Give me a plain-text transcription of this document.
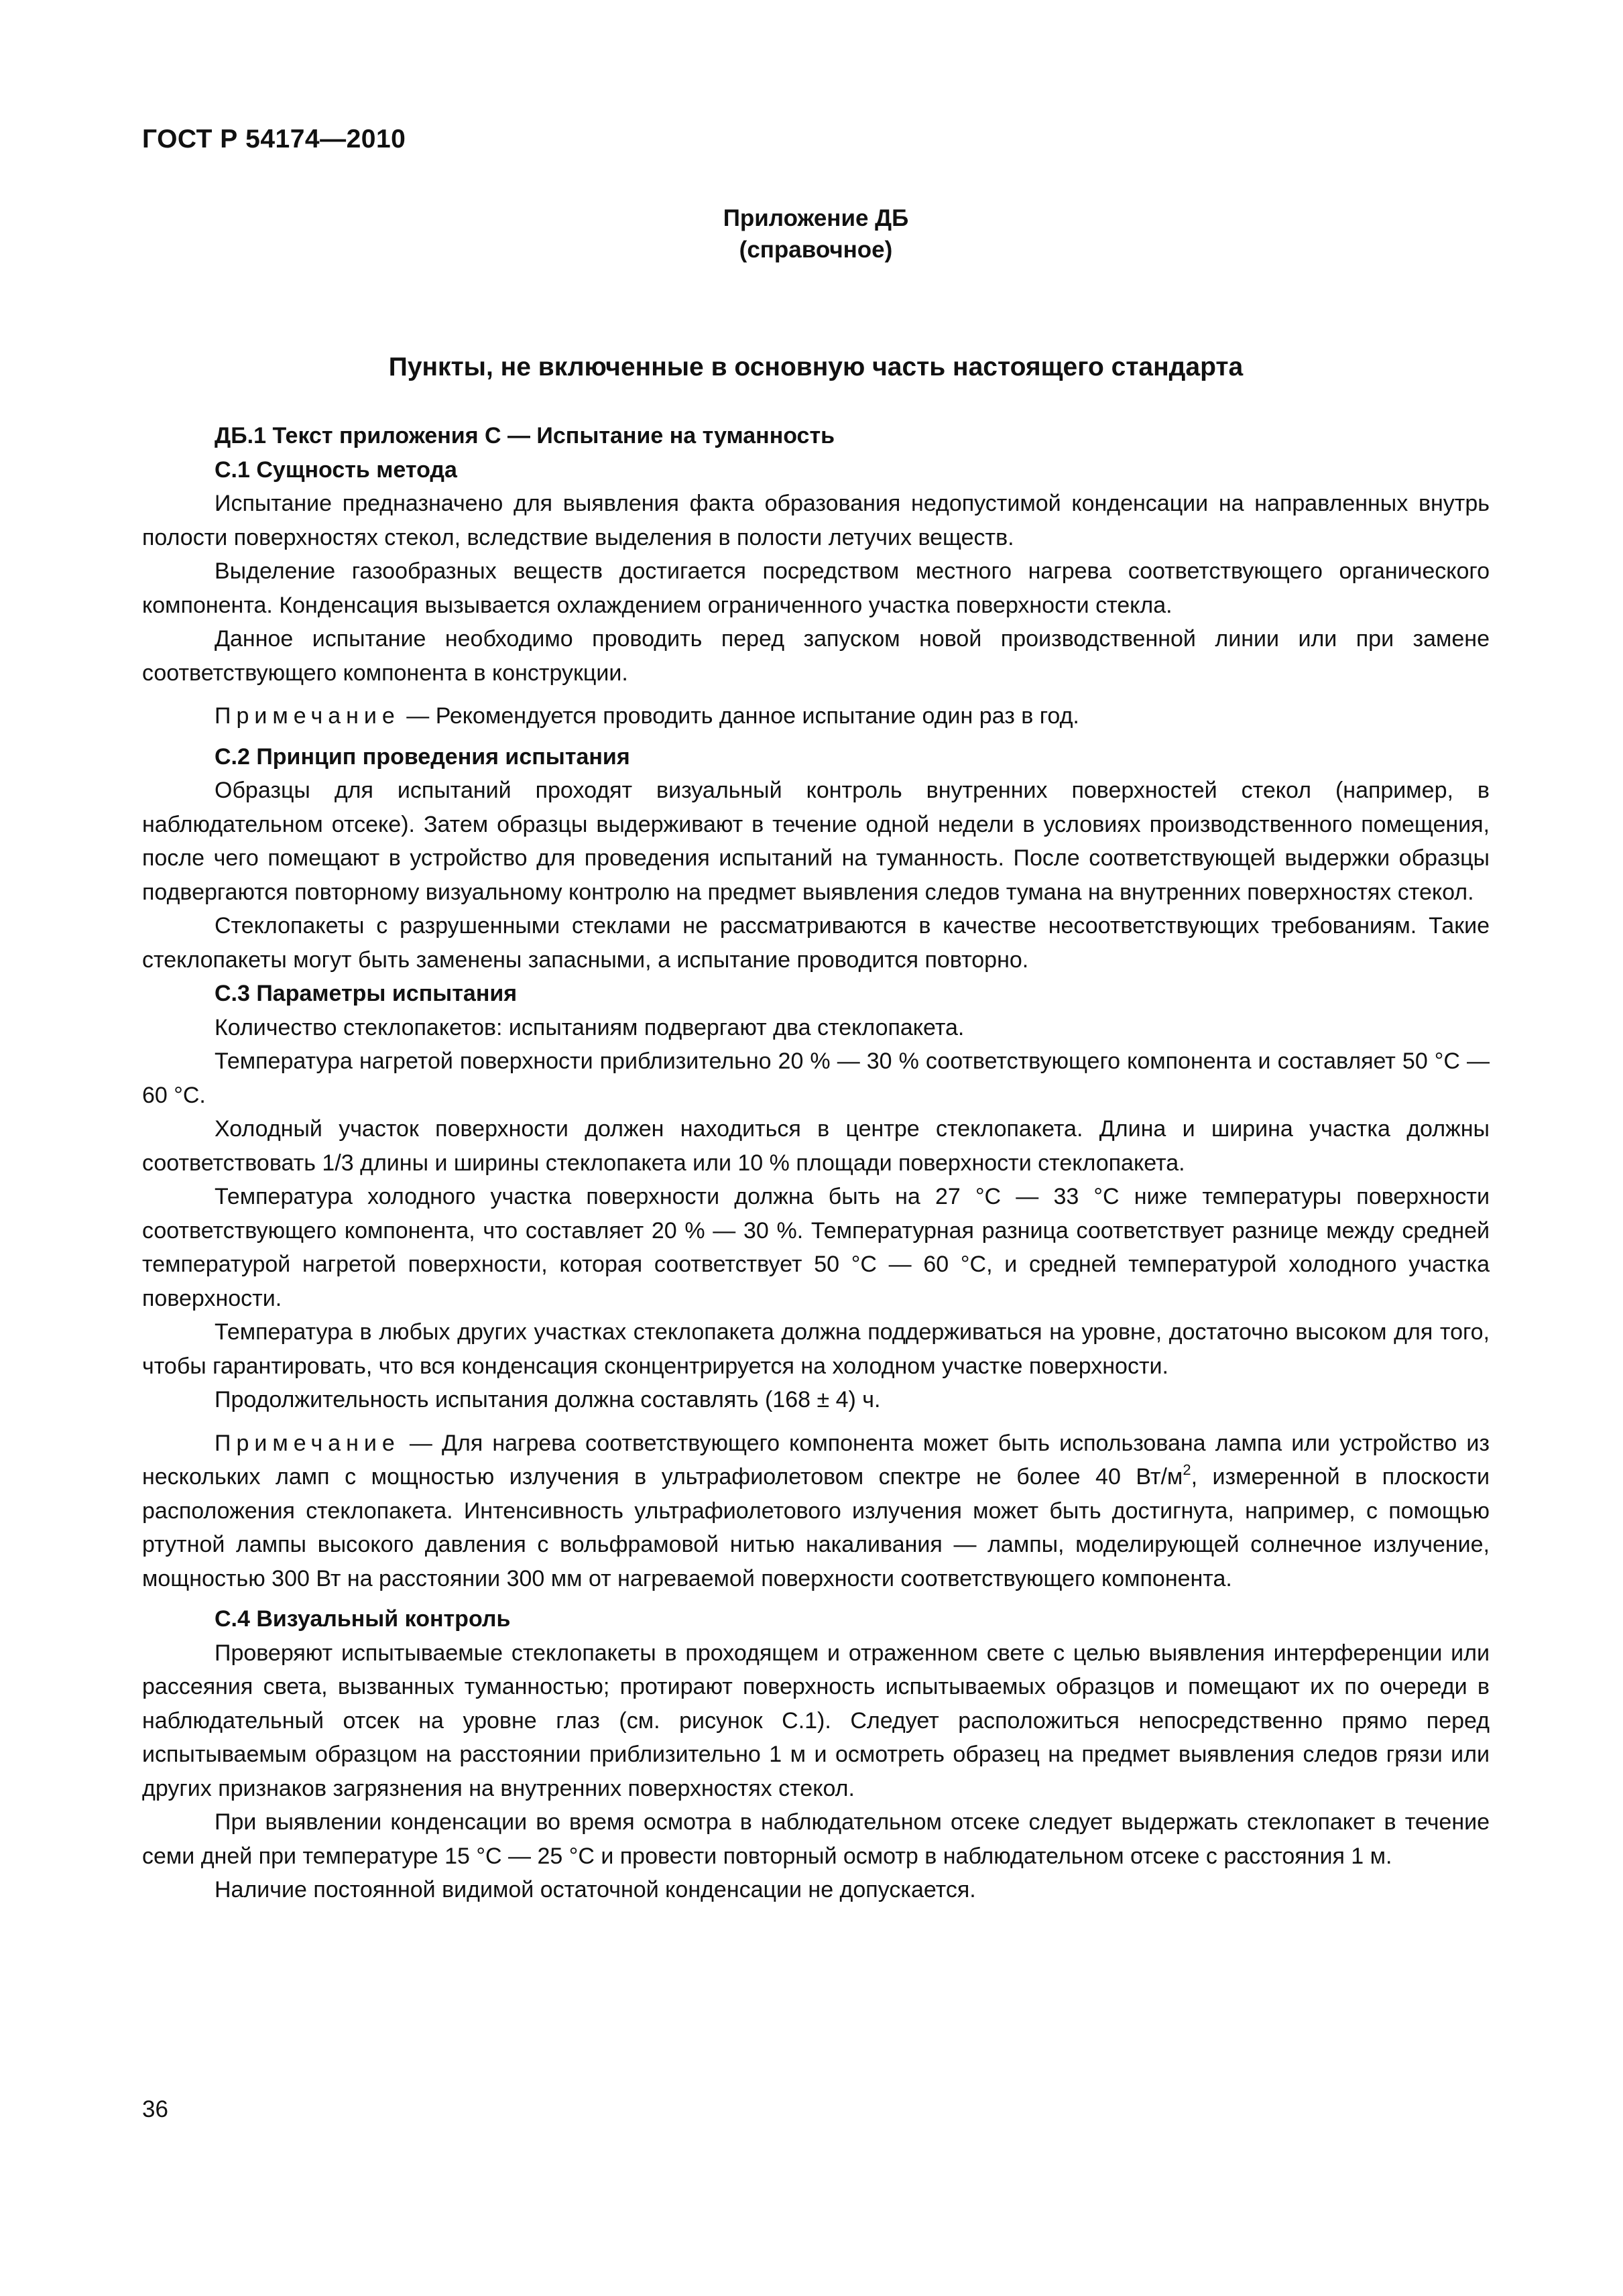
ГОСТ Р 54174—2010
Приложение ДБ
(справочное)
Пункты, не включенные в основную часть настоящего стандарта

ДБ.1 Текст приложения С — Испытание на туманность

С.1 Сущность метода

Испытание предназначено для выявления факта образования недопустимой конденсации на направленных внутрь полости поверхностях стекол, вследствие выделения в полости летучих веществ.

Выделение газообразных веществ достигается посредством местного нагрева соответствующего органического компонента. Конденсация вызывается охлаждением ограниченного участка поверхности стекла.

Данное испытание необходимо проводить перед запуском новой производственной линии или при замене соответствующего компонента в конструкции.

Примечание — Рекомендуется проводить данное испытание один раз в год.

С.2 Принцип проведения испытания

Образцы для испытаний проходят визуальный контроль внутренних поверхностей стекол (например, в наблюдательном отсеке). Затем образцы выдерживают в течение одной недели в условиях производственного помещения, после чего помещают в устройство для проведения испытаний на туманность. После соответствующей выдержки образцы подвергаются повторному визуальному контролю на предмет выявления следов тумана на внутренних поверхностях стекол.

Стеклопакеты с разрушенными стеклами не рассматриваются в качестве несоответствующих требованиям. Такие стеклопакеты могут быть заменены запасными, а испытание проводится повторно.

С.3 Параметры испытания

Количество стеклопакетов: испытаниям подвергают два стеклопакета.

Температура нагретой поверхности приблизительно 20 % — 30 % соответствующего компонента и составляет 50 °С — 60 °С.

Холодный участок поверхности должен находиться в центре стеклопакета. Длина и ширина участка должны соответствовать 1/3 длины и ширины стеклопакета или 10 % площади поверхности стеклопакета.

Температура холодного участка поверхности должна быть на 27 °С — 33 °С ниже температуры поверхности соответствующего компонента, что составляет 20 % — 30 %. Температурная разница соответствует разнице между средней температурой нагретой поверхности, которая соответствует 50 °С — 60 °С, и средней температурой холодного участка поверхности.

Температура в любых других участках стеклопакета должна поддерживаться на уровне, достаточно высоком для того, чтобы гарантировать, что вся конденсация сконцентрируется на холодном участке поверхности.

Продолжительность испытания должна составлять (168 ± 4) ч.

Примечание — Для нагрева соответствующего компонента может быть использована лампа или устройство из нескольких ламп с мощностью излучения в ультрафиолетовом спектре не более 40 $Вт/м^2$, измеренной в плоскости расположения стеклопакета. Интенсивность ультрафиолетового излучения может быть достигнута, например, с помощью ртутной лампы высокого давления с вольфрамовой нитью накаливания — лампы, моделирующей солнечное излучение, мощностью 300 Вт на расстоянии 300 мм от нагреваемой поверхности соответствующего компонента.

С.4 Визуальный контроль

Проверяют испытываемые стеклопакеты в проходящем и отраженном свете с целью выявления интерференции или рассеяния света, вызванных туманностью; протирают поверхность испытываемых образцов и помещают их по очереди в наблюдательный отсек на уровне глаз (см. рисунок С.1). Следует расположиться непосредственно прямо перед испытываемым образцом на расстоянии приблизительно 1 м и осмотреть образец на предмет выявления следов грязи или других признаков загрязнения на внутренних поверхностях стекол.

При выявлении конденсации во время осмотра в наблюдательном отсеке следует выдержать стеклопакет в течение семи дней при температуре 15 °С — 25 °С и провести повторный осмотр в наблюдательном отсеке с расстояния 1 м.

Наличие постоянной видимой остаточной конденсации не допускается.

36
